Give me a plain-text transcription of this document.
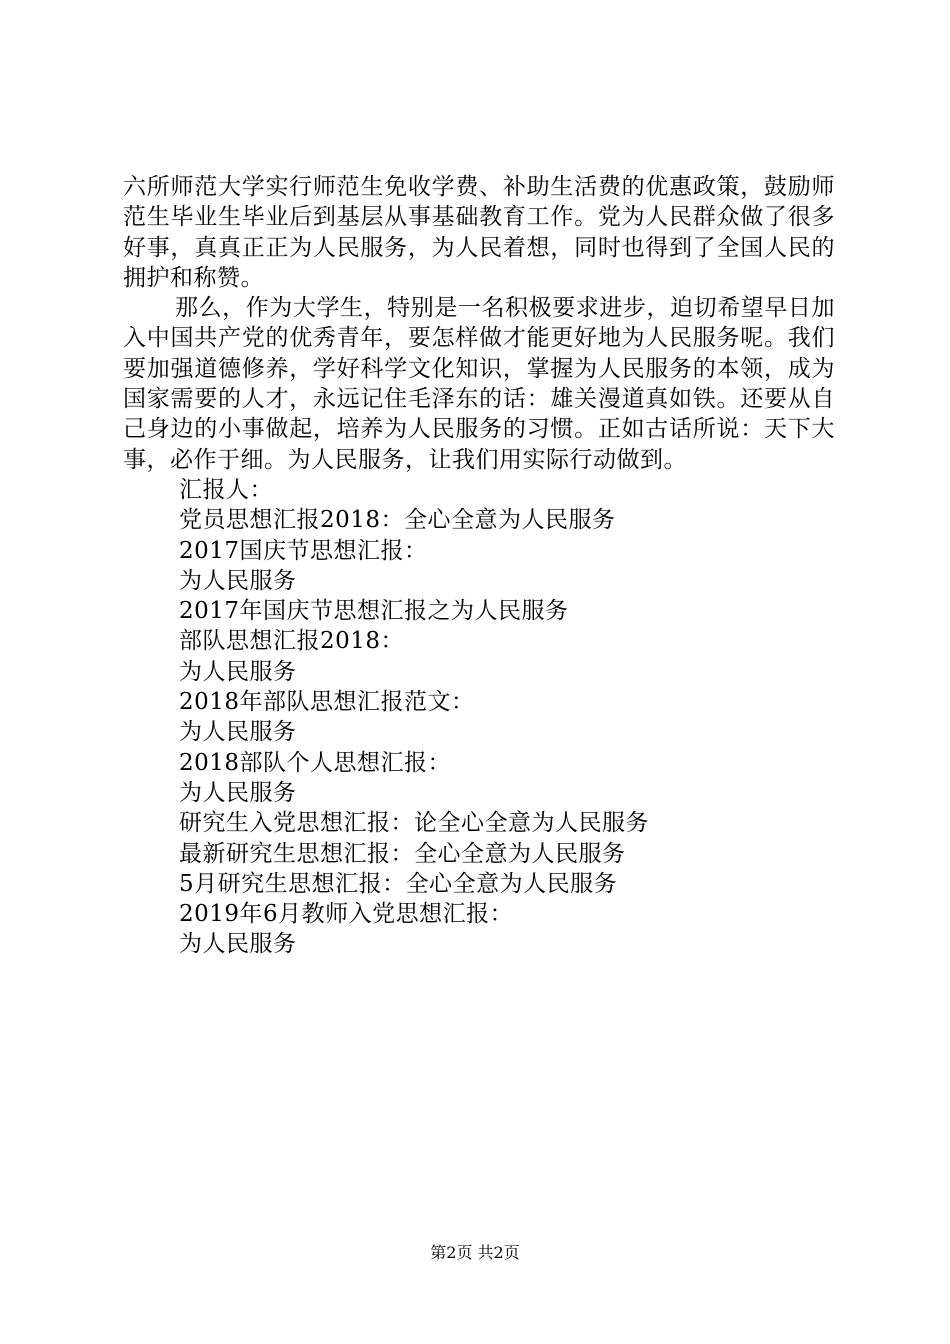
六所师范大学实行师范生免收学费、补助生活费的优惠政策，鼓励师范生毕业生毕业后到基层从事基础教育工作。党为人民群众做了很多好事，真真正正为人民服务，为人民着想，同时也得到了全国人民的拥护和称赞。

那么，作为大学生，特别是一名积极要求进步，迫切希望早日加入中国共产党的优秀青年，要怎样做才能更好地为人民服务呢。我们要加强道德修养，学好科学文化知识，掌握为人民服务的本领，成为国家需要的人才，永远记住毛泽东的话：雄关漫道真如铁。还要从自己身边的小事做起，培养为人民服务的习惯。正如古话所说：天下大事，必作于细。为人民服务，让我们用实际行动做到。

汇报人：
党员思想汇报2018：全心全意为人民服务
2017国庆节思想汇报：
为人民服务
2017年国庆节思想汇报之为人民服务
部队思想汇报2018：
为人民服务
2018年部队思想汇报范文：
为人民服务
2018部队个人思想汇报：
为人民服务
研究生入党思想汇报：论全心全意为人民服务
最新研究生思想汇报：全心全意为人民服务
5月研究生思想汇报：全心全意为人民服务
2019年6月教师入党思想汇报：
为人民服务
第2页 共2页
